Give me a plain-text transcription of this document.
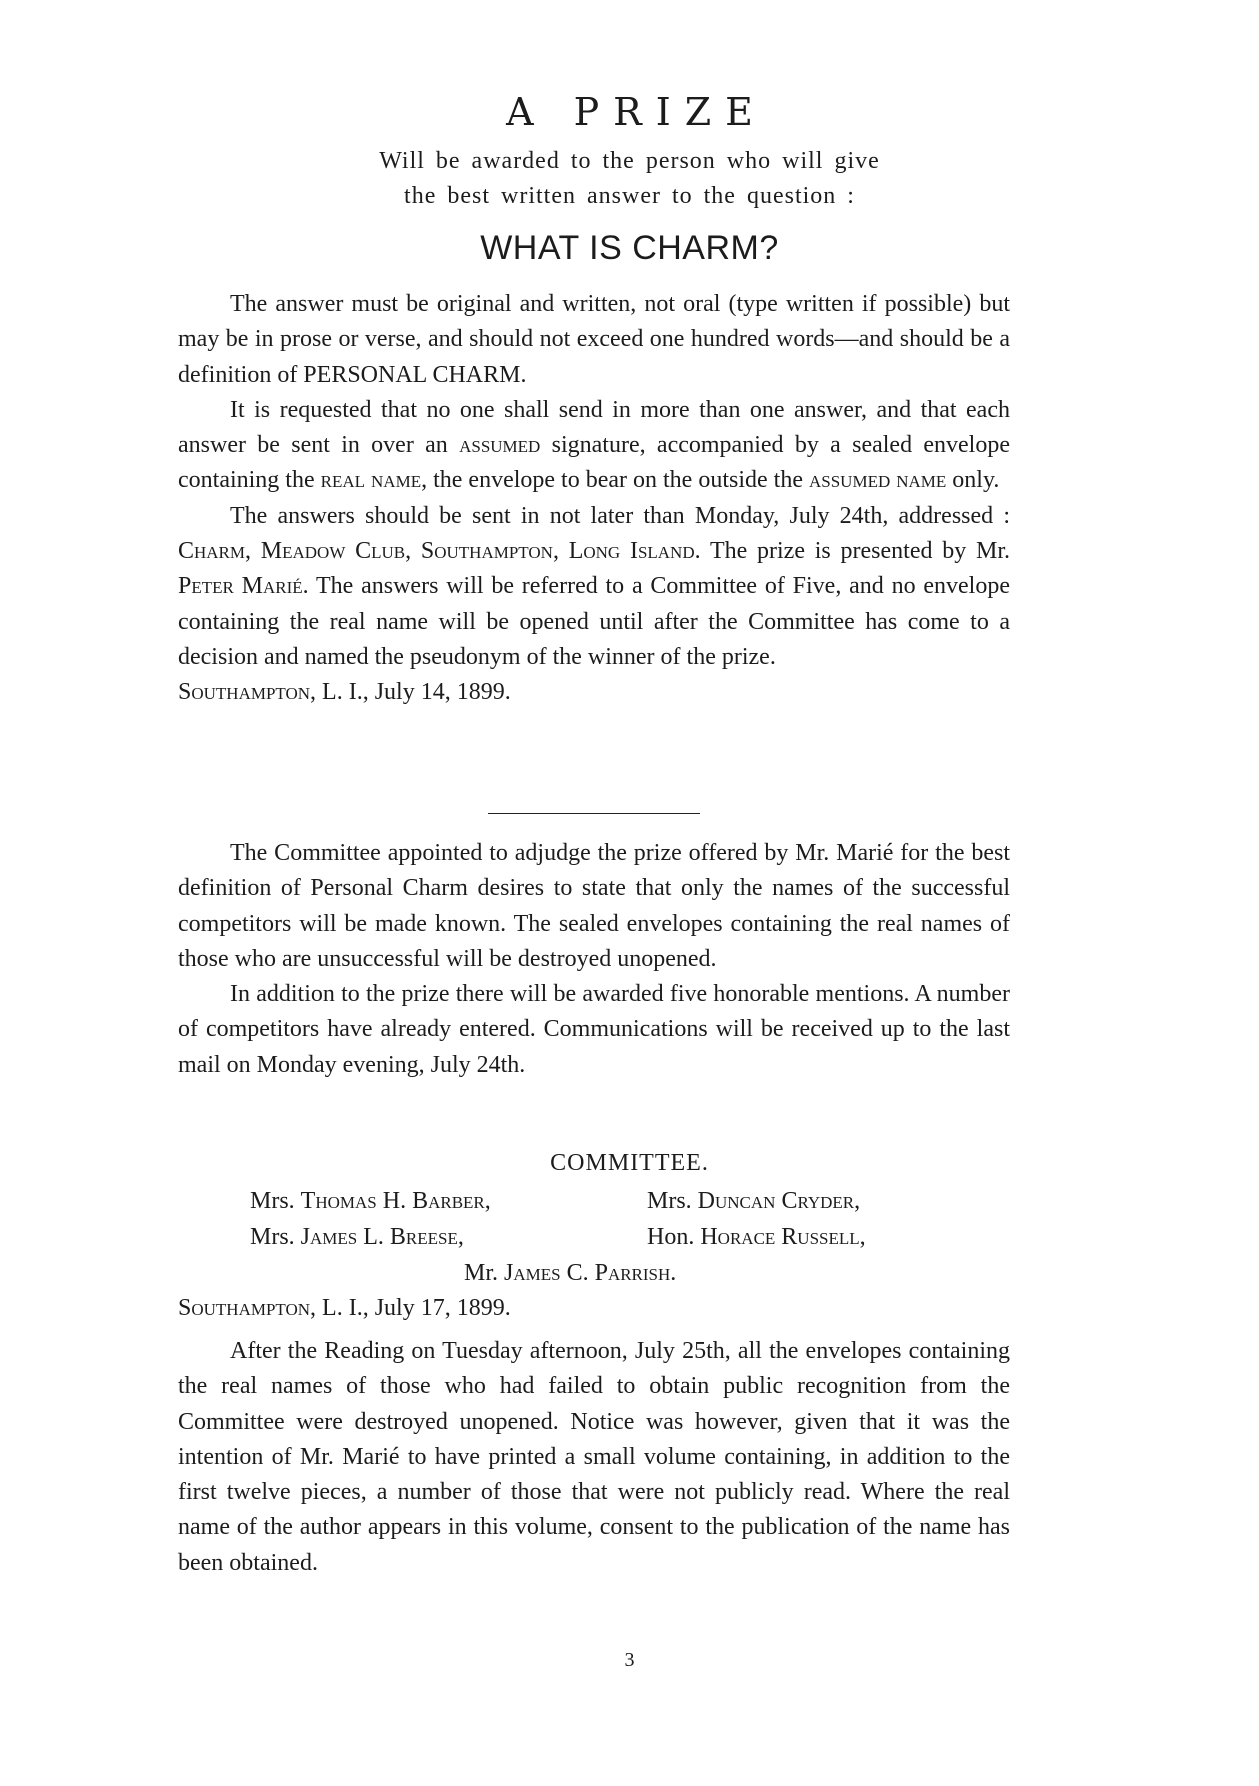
A PRIZE
Will be awarded to the person who will give
the best written answer to the question :
WHAT IS CHARM?

The answer must be original and written, not oral (type written if possible) but may be in prose or verse, and should not exceed one hundred words—and should be a definition of PERSONAL CHARM.

It is requested that no one shall send in more than one answer, and that each answer be sent in over an assumed signature, accompanied by a sealed envelope containing the real name, the envelope to bear on the outside the assumed name only.

The answers should be sent in not later than Monday, July 24th, addressed : Charm, Meadow Club, Southampton, Long Island. The prize is presented by Mr. Peter Marié. The answers will be referred to a Committee of Five, and no envelope containing the real name will be opened until after the Committee has come to a decision and named the pseudonym of the winner of the prize.

Southampton, L. I., July 14, 1899.

The Committee appointed to adjudge the prize offered by Mr. Marié for the best definition of Personal Charm desires to state that only the names of the successful competitors will be made known. The sealed envelopes containing the real names of those who are unsuccessful will be destroyed unopened.

In addition to the prize there will be awarded five honorable mentions. A number of competitors have already entered. Communications will be received up to the last mail on Monday evening, July 24th.

COMMITTEE.
Mrs. Thomas H. Barber,	Mrs. Duncan Cryder,
Mrs. James L. Breese,	Hon. Horace Russell,
Mr. James C. Parrish.
Southampton, L. I., July 17, 1899.

After the Reading on Tuesday afternoon, July 25th, all the envelopes containing the real names of those who had failed to obtain public recognition from the Committee were destroyed unopened. Notice was however, given that it was the intention of Mr. Marié to have printed a small volume containing, in addition to the first twelve pieces, a number of those that were not publicly read. Where the real name of the author appears in this volume, consent to the publication of the name has been obtained.

3
